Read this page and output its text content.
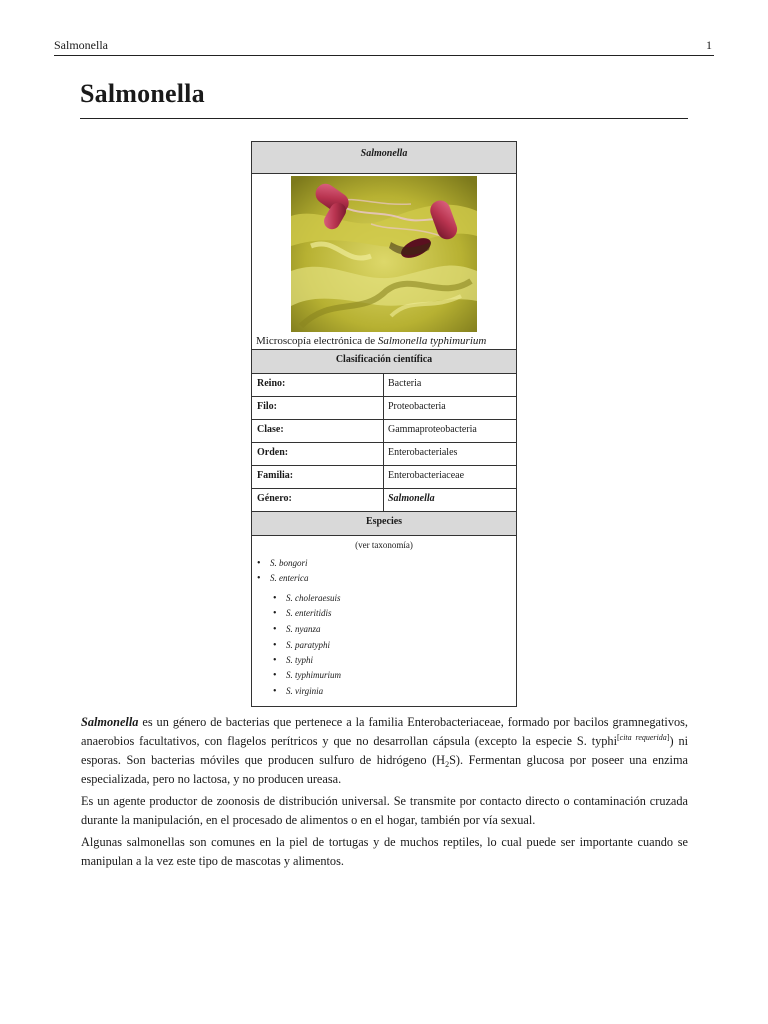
Salmonella	1
Salmonella
Salmonella
Microscopía electrónica de Salmonella typhimurium
Clasificación científica
Reino:	Bacteria
Filo:	Proteobacteria
Clase:	Gammaproteobacteria
Orden:	Enterobacteriales
Familia:	Enterobacteriaceae
Género:	Salmonella
Especies
(ver taxonomía)
• S. bongori
• S. enterica
• S. choleraesuis
• S. enteritidis
• S. nyanza
• S. paratyphi
• S. typhi
• S. typhimurium
• S. virginia

Salmonella es un género de bacterias que pertenece a la familia Enterobacteriaceae, formado por bacilos gramnegativos, anaerobios facultativos, con flagelos perítricos y que no desarrollan cápsula (excepto la especie S. typhi[cita requerida]) ni esporas. Son bacterias móviles que producen sulfuro de hidrógeno $(H_2S)$. Fermentan glucosa por poseer una enzima especializada, pero no lactosa, y no producen ureasa.

Es un agente productor de zoonosis de distribución universal. Se transmite por contacto directo o contaminación cruzada durante la manipulación, en el procesado de alimentos o en el hogar, también por vía sexual.

Algunas salmonellas son comunes en la piel de tortugas y de muchos reptiles, lo cual puede ser importante cuando se manipulan a la vez este tipo de mascotas y alimentos.
